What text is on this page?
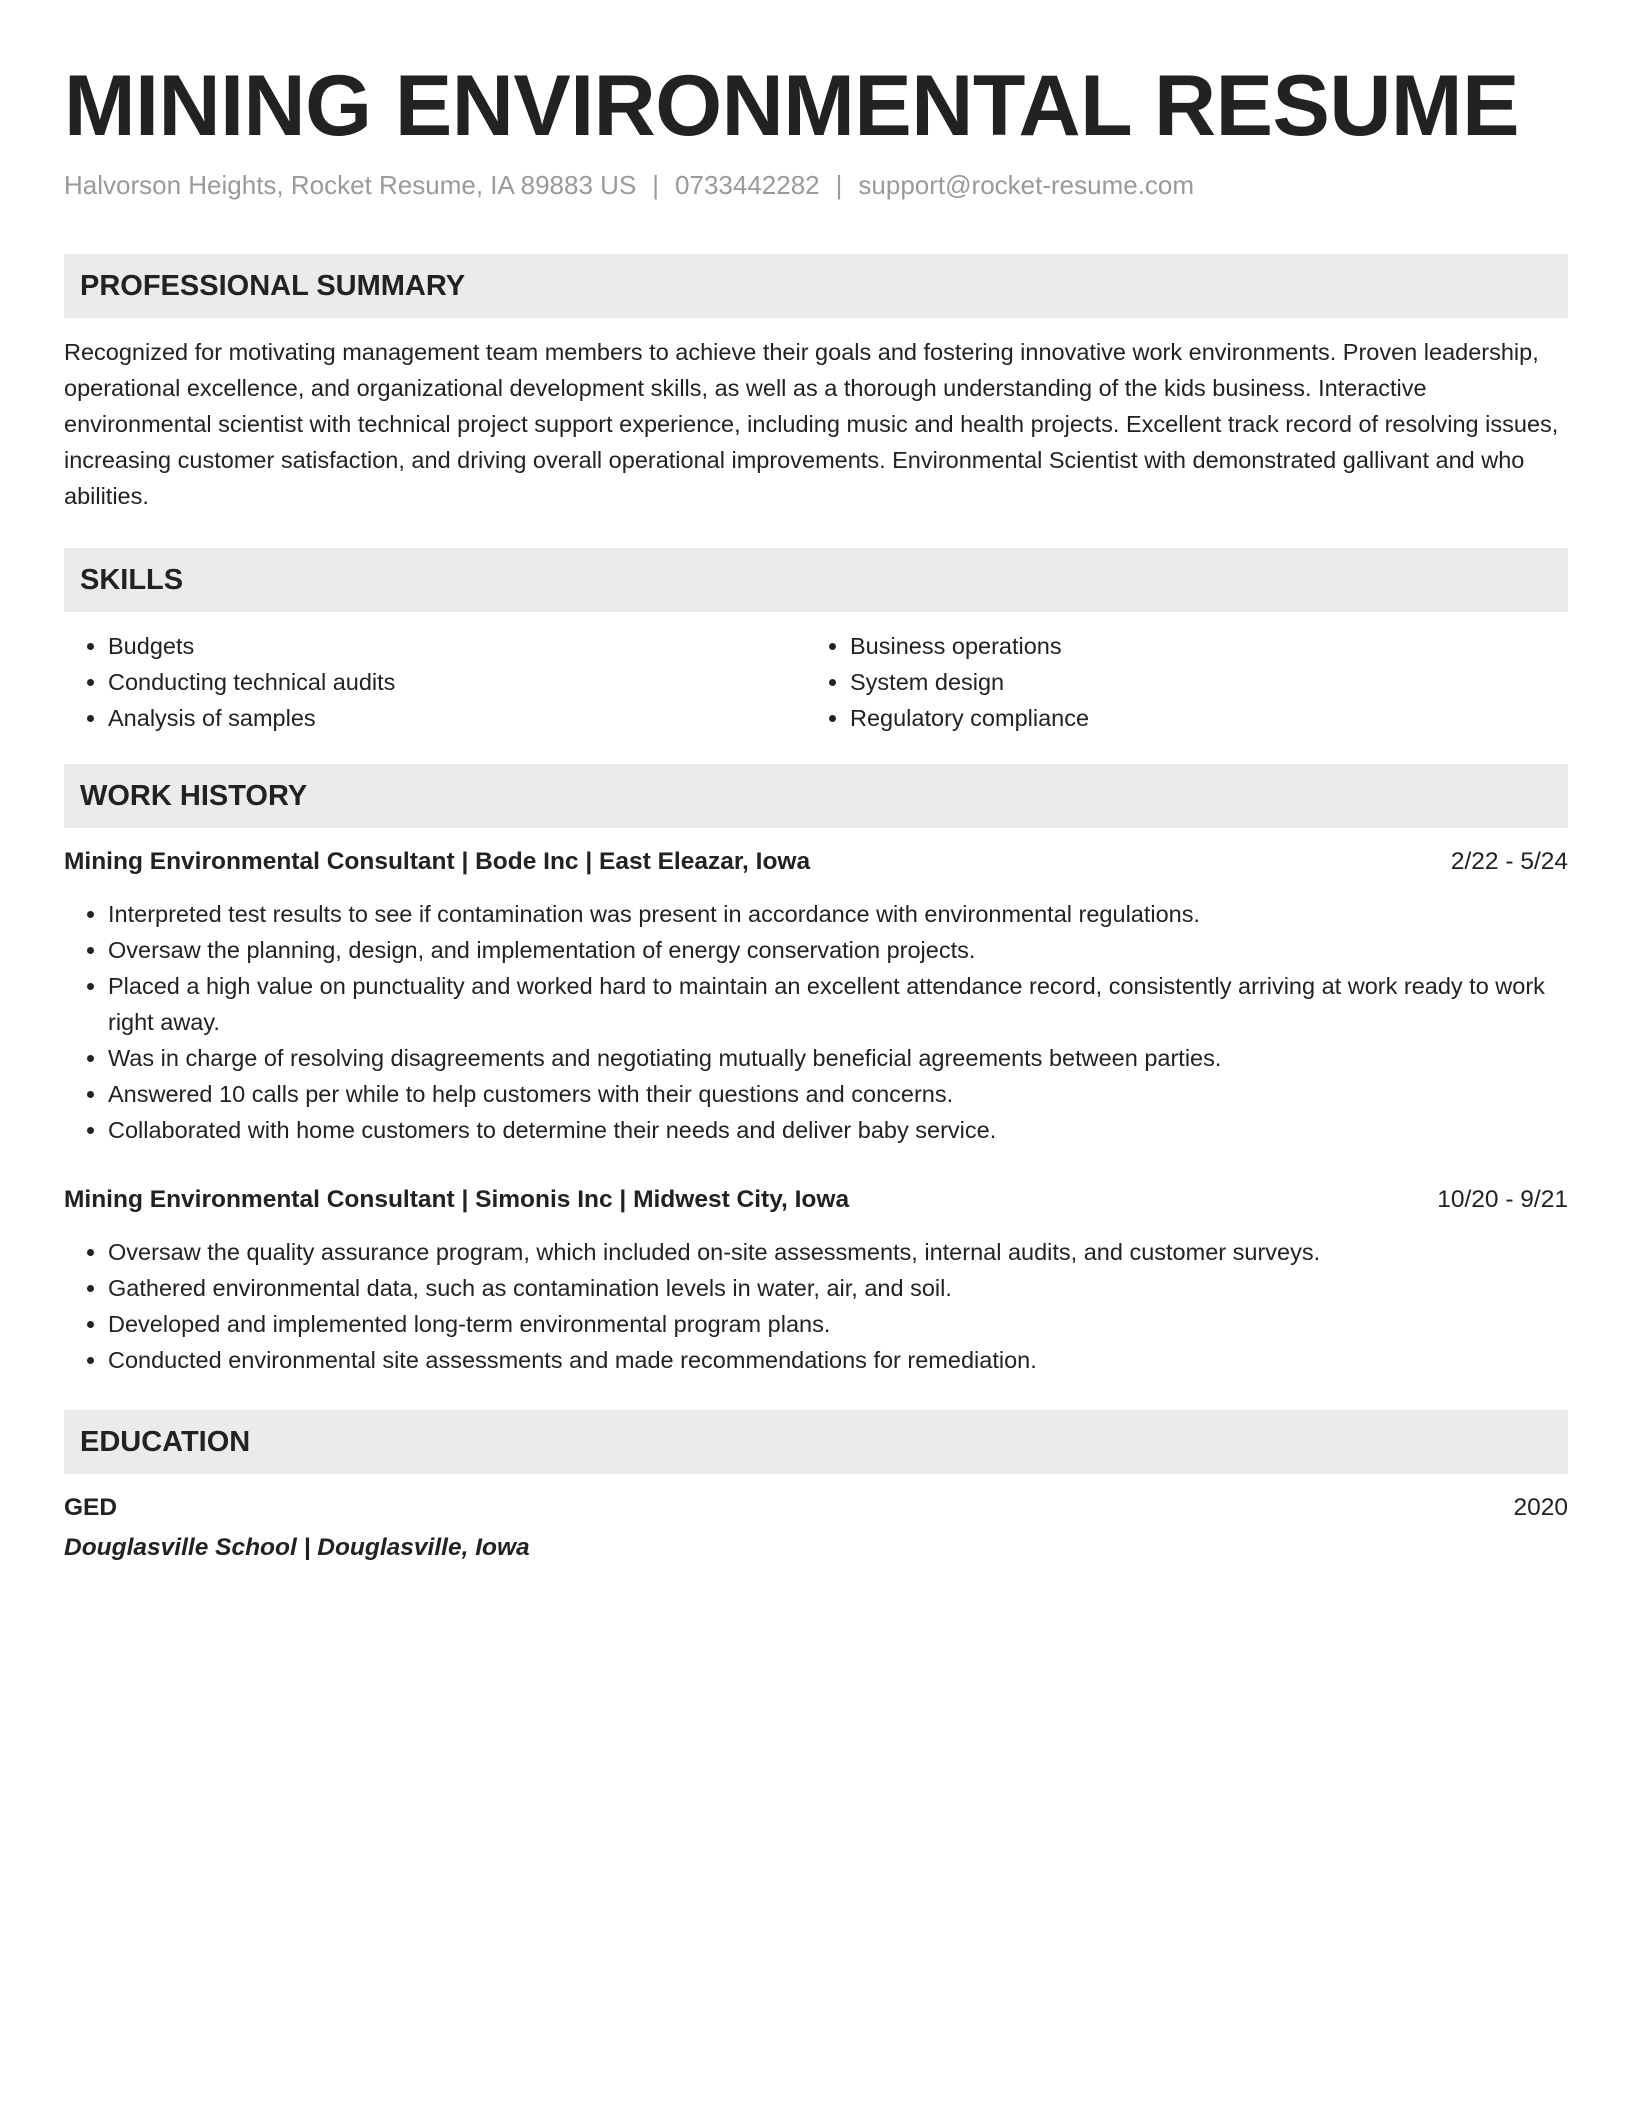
MINING ENVIRONMENTAL RESUME
Halvorson Heights, Rocket Resume, IA 89883 US | 0733442282 | support@rocket-resume.com
PROFESSIONAL SUMMARY
Recognized for motivating management team members to achieve their goals and fostering innovative work environments. Proven leadership, operational excellence, and organizational development skills, as well as a thorough understanding of the kids business. Interactive environmental scientist with technical project support experience, including music and health projects. Excellent track record of resolving issues, increasing customer satisfaction, and driving overall operational improvements. Environmental Scientist with demonstrated gallivant and who abilities.
SKILLS
• Budgets
• Conducting technical audits
• Analysis of samples
• Business operations
• System design
• Regulatory compliance
WORK HISTORY
Mining Environmental Consultant | Bode Inc | East Eleazar, Iowa	2/22 - 5/24
• Interpreted test results to see if contamination was present in accordance with environmental regulations.
• Oversaw the planning, design, and implementation of energy conservation projects.
• Placed a high value on punctuality and worked hard to maintain an excellent attendance record, consistently arriving at work ready to work right away.
• Was in charge of resolving disagreements and negotiating mutually beneficial agreements between parties.
• Answered 10 calls per while to help customers with their questions and concerns.
• Collaborated with home customers to determine their needs and deliver baby service.
Mining Environmental Consultant | Simonis Inc | Midwest City, Iowa	10/20 - 9/21
• Oversaw the quality assurance program, which included on-site assessments, internal audits, and customer surveys.
• Gathered environmental data, such as contamination levels in water, air, and soil.
• Developed and implemented long-term environmental program plans.
• Conducted environmental site assessments and made recommendations for remediation.
EDUCATION
GED	2020
Douglasville School | Douglasville, Iowa
